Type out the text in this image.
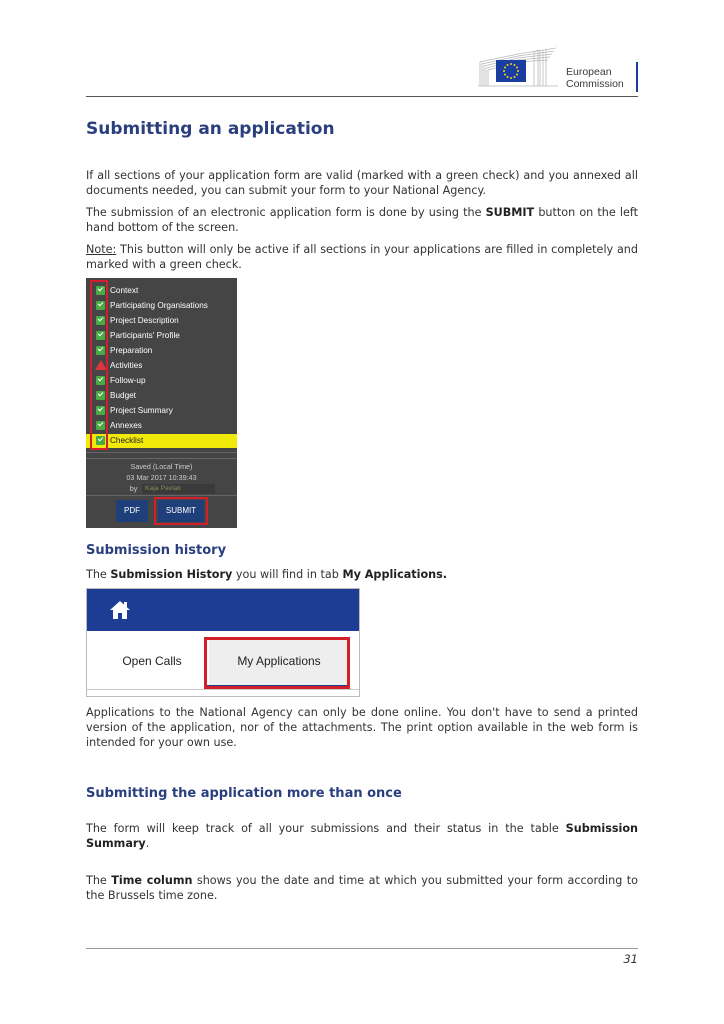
European
Commission
Submitting an application

If all sections of your application form are valid (marked with a green check) and you annexed all documents needed, you can submit your form to your National Agency.

The submission of an electronic application form is done by using the SUBMIT button on the left hand bottom of the screen.

Note: This button will only be active if all sections in your applications are filled in completely and marked with a green check.

Context
Participating Organisations
Project Description
Participants' Profile
Preparation
Activities
Follow-up
Budget
Project Summary
Annexes
Checklist
Saved (Local Time)
03 Mar 2017 10:39:43
by	Kaja Pavlak
PDF	SUBMIT
Submission history

The Submission History you will find in tab My Applications.

Open Calls	My Applications

Applications to the National Agency can only be done online. You don't have to send a printed version of the application, nor of the attachments. The print option available in the web form is intended for your own use.

Submitting the application more than once

The form will keep track of all your submissions and their status in the table Submission Summary.

The Time column shows you the date and time at which you submitted your form according to the Brussels time zone.

31
